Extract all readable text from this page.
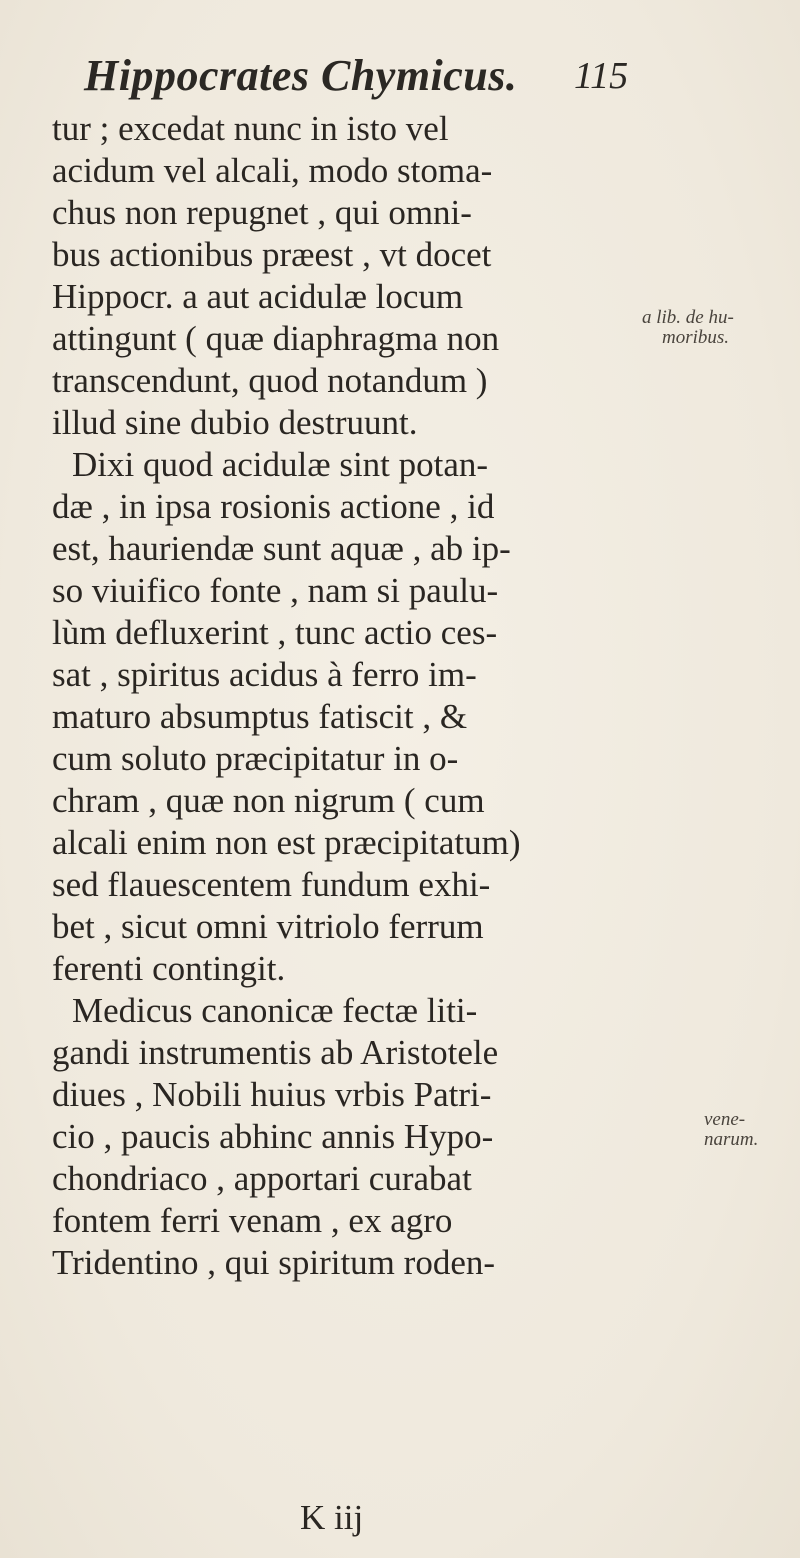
Hippocrates Chymicus. 115
tur ; excedat nunc in isto vel
acidum vel alcali, modo stoma-
chus non repugnet , qui omni-
bus actionibus præest , vt docet
Hippocr. a aut acidulæ locum
attingunt ( quæ diaphragma non
transcendunt, quod notandum )
illud sine dubio destruunt.
Dixi quod acidulæ sint potan-
dæ , in ipsa rosionis actione , id
est, hauriendæ sunt aquæ , ab ip-
so viuifico fonte , nam si paulu-
lùm defluxerint , tunc actio ces-
sat , spiritus acidus à ferro im-
maturo absumptus fatiscit , &
cum soluto præcipitatur in o-
chram , quæ non nigrum ( cum
alcali enim non est præcipitatum)
sed flauescentem fundum exhi-
bet , sicut omni vitriolo ferrum
ferenti contingit.
Medicus canonicæ fectæ liti-
gandi instrumentis ab Aristotele
diues , Nobili huius vrbis Patri-
cio , paucis abhinc annis Hypo-
chondriaco , apportari curabat
fontem ferri venam , ex agro
Tridentino , qui spiritum roden-
a lib. de hu-
moribus.
vene-
narum.
K iij
